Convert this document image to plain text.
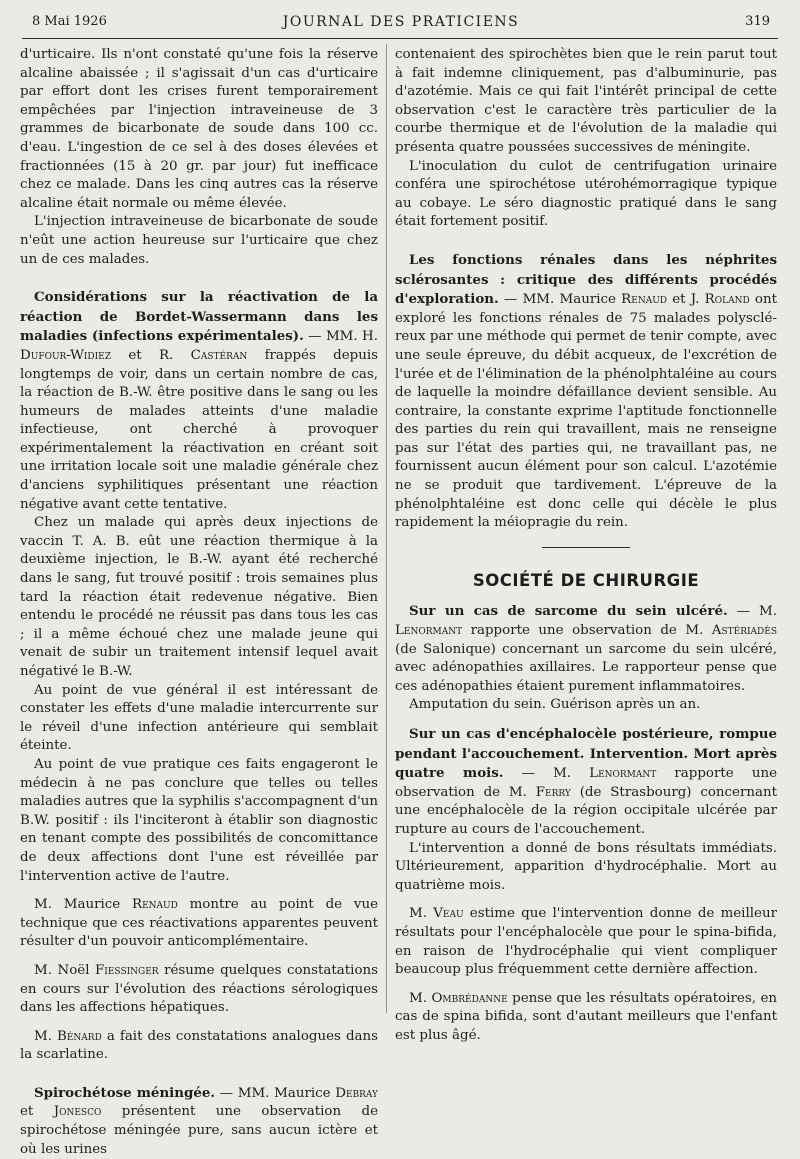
8 Mai 1926	JOURNAL DES PRATICIENS	319

d'urticaire. Ils n'ont constaté qu'une fois la réserve alcaline abaissée ; il s'agissait d'un cas d'urticaire par effort dont les crises furent temporairement empêchées par l'injection intraveineuse de 3 grammes de bicarbonate de soude dans 100 cc. d'eau. L'ingestion de ce sel à des doses élevées et fractionnées (15 à 20 gr. par jour) fut inefficace chez ce malade. Dans les cinq autres cas la réserve alcaline était normale ou même élevée.

L'injection intraveineuse de bicarbonate de soude n'eût une action heureuse sur l'urticaire que chez un de ces malades.

Considérations sur la réactivation de la réaction de Bordet-Wassermann dans les maladies (infections expérimentales). — MM. H. Dufour-Widiez et R. Castéran frappés depuis longtemps de voir, dans un certain nombre de cas, la réaction de B.-W. être positive dans le sang ou les humeurs de malades atteints d'une maladie infectieuse, ont cherché à provoquer expérimentalement la réactivation en créant soit une irritation locale soit une maladie générale chez d'anciens syphilitiques présentant une réaction négative avant cette tentative.

Chez un malade qui après deux injections de vaccin T. A. B. eût une réaction thermique à la deuxième injection, le B.-W. ayant été recherché dans le sang, fut trouvé positif : trois semaines plus tard la réaction était redevenue négative. Bien entendu le procédé ne réussit pas dans tous les cas ; il a même échoué chez une malade jeune qui venait de subir un traitement intensif lequel avait négativé le B.-W.

Au point de vue général il est intéressant de constater les effets d'une maladie intercurrente sur le réveil d'une infection antérieure qui semblait éteinte.

Au point de vue pratique ces faits engageront le médecin à ne pas conclure que telles ou telles maladies autres que la syphilis s'accompagnent d'un B.W. positif : ils l'inciteront à établir son diagnostic en tenant compte des possibilités de concomittance de deux affections dont l'une est réveillée par l'intervention active de l'autre.

M. Maurice Renaud montre au point de vue technique que ces réactivations apparentes peuvent résulter d'un pouvoir anticomplémentaire.

M. Noël Fiessinger résume quelques constatations en cours sur l'évolution des réactions sérologiques dans les affections hépatiques.

M. Bénard a fait des constatations analogues dans la scarlatine.

Spirochétose méningée. — MM. Maurice Debray et Jonesco présentent une observation de spirochétose méningée pure, sans aucun ictère et où les urines

contenaient des spirochètes bien que le rein parut tout à fait indemne cliniquement, pas d'albuminurie, pas d'azotémie. Mais ce qui fait l'intérêt principal de cette observation c'est le caractère très particulier de la courbe thermique et de l'évolution de la maladie qui présenta quatre poussées successives de méningite.

L'inoculation du culot de centrifugation urinaire conféra une spirochétose utérohémorragique typique au cobaye. Le séro diagnostic pratiqué dans le sang était fortement positif.

Les fonctions rénales dans les néphrites sclérosantes : critique des différents procédés d'exploration. — MM. Maurice Renaud et J. Roland ont exploré les fonctions rénales de 75 malades polyscléreux par une méthode qui permet de tenir compte, avec une seule épreuve, du débit acqueux, de l'excrétion de l'urée et de l'élimination de la phénolphtaléine au cours de laquelle la moindre défaillance devient sensible. Au contraire, la constante exprime l'aptitude fonctionnelle des parties du rein qui travaillent, mais ne renseigne pas sur l'état des parties qui, ne travaillant pas, ne fournissent aucun élément pour son calcul. L'azotémie ne se produit que tardivement. L'épreuve de la phénolphtaléine est donc celle qui décèle le plus rapidement la méiopragie du rein.

SOCIÉTÉ DE CHIRURGIE

Sur un cas de sarcome du sein ulcéré. — M. Lenormant rapporte une observation de M. Astériadès (de Salonique) concernant un sarcome du sein ulcéré, avec adénopathies axillaires. Le rapporteur pense que ces adénopathies étaient purement inflammatoires.

Amputation du sein. Guérison après un an.

Sur un cas d'encéphalocèle postérieure, rompue pendant l'accouchement. Intervention. Mort après quatre mois. — M. Lenormant rapporte une observation de M. Ferry (de Strasbourg) concernant une encéphalocèle de la région occipitale ulcérée par rupture au cours de l'accouchement.

L'intervention a donné de bons résultats immédiats. Ultérieurement, apparition d'hydrocéphalie. Mort au quatrième mois.

M. Veau estime que l'intervention donne de meilleur résultats pour l'encéphalocèle que pour le spina-bifida, en raison de l'hydrocéphalie qui vient compliquer beaucoup plus fréquemment cette dernière affection.

M. Ombrédanne pense que les résultats opératoires, en cas de spina bifida, sont d'autant meilleurs que l'enfant est plus âgé.
